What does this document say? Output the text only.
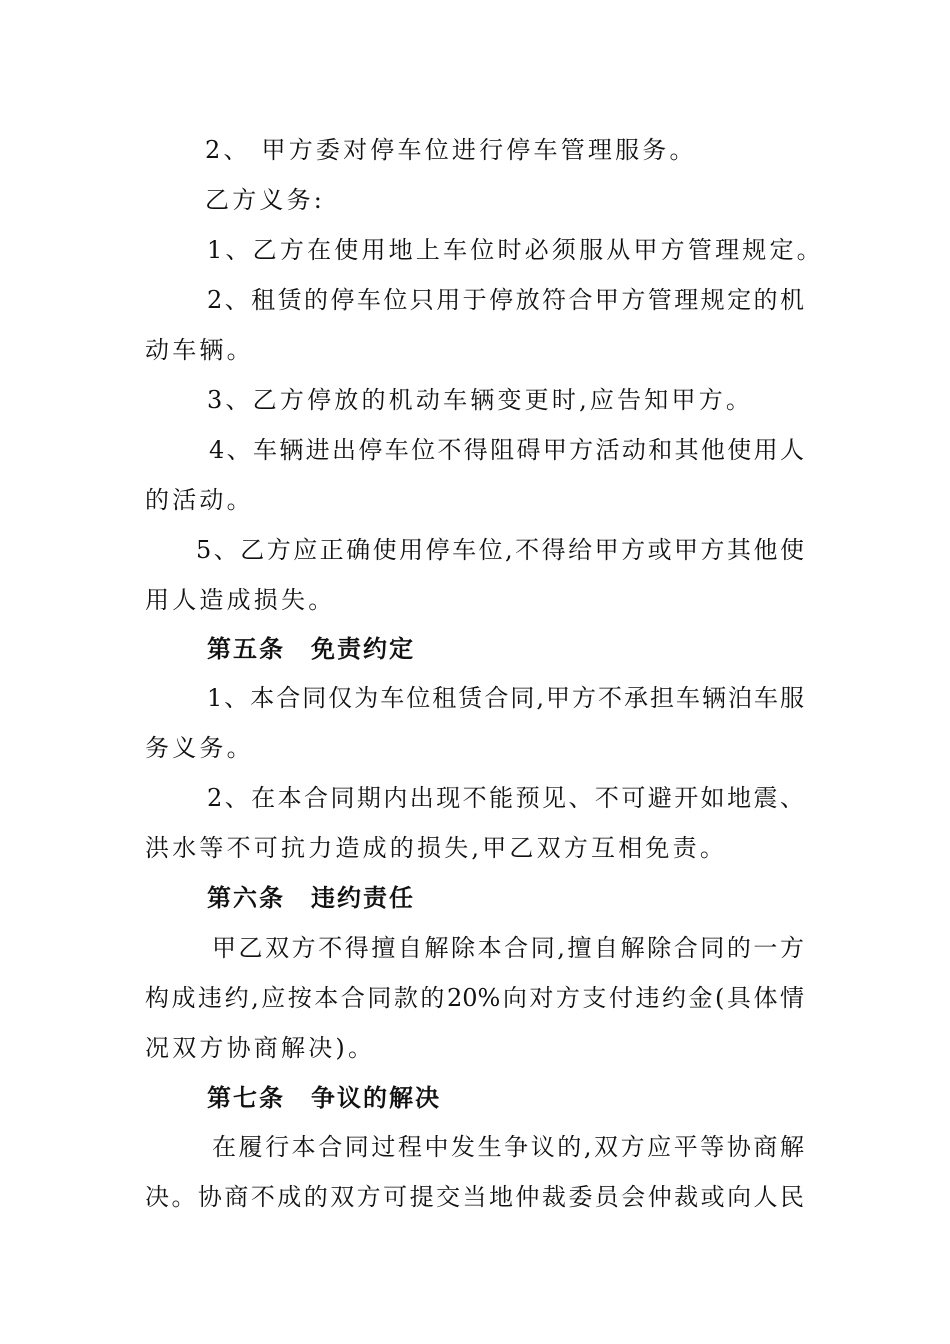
2、 甲方委对停车位进行停车管理服务。
乙方义务:
1、乙方在使用地上车位时必须服从甲方管理规定。
2、租赁的停车位只用于停放符合甲方管理规定的机
动车辆。
3、乙方停放的机动车辆变更时,应告知甲方。
4、车辆进出停车位不得阻碍甲方活动和其他使用人
的活动。
5、乙方应正确使用停车位,不得给甲方或甲方其他使
用人造成损失。
第五条 免责约定
1、本合同仅为车位租赁合同,甲方不承担车辆泊车服
务义务。
2、在本合同期内出现不能预见、不可避开如地震、
洪水等不可抗力造成的损失,甲乙双方互相免责。
第六条 违约责任
甲乙双方不得擅自解除本合同,擅自解除合同的一方
构成违约,应按本合同款的20%向对方支付违约金(具体情
况双方协商解决)。
第七条 争议的解决
在履行本合同过程中发生争议的,双方应平等协商解
决。协商不成的双方可提交当地仲裁委员会仲裁或向人民
